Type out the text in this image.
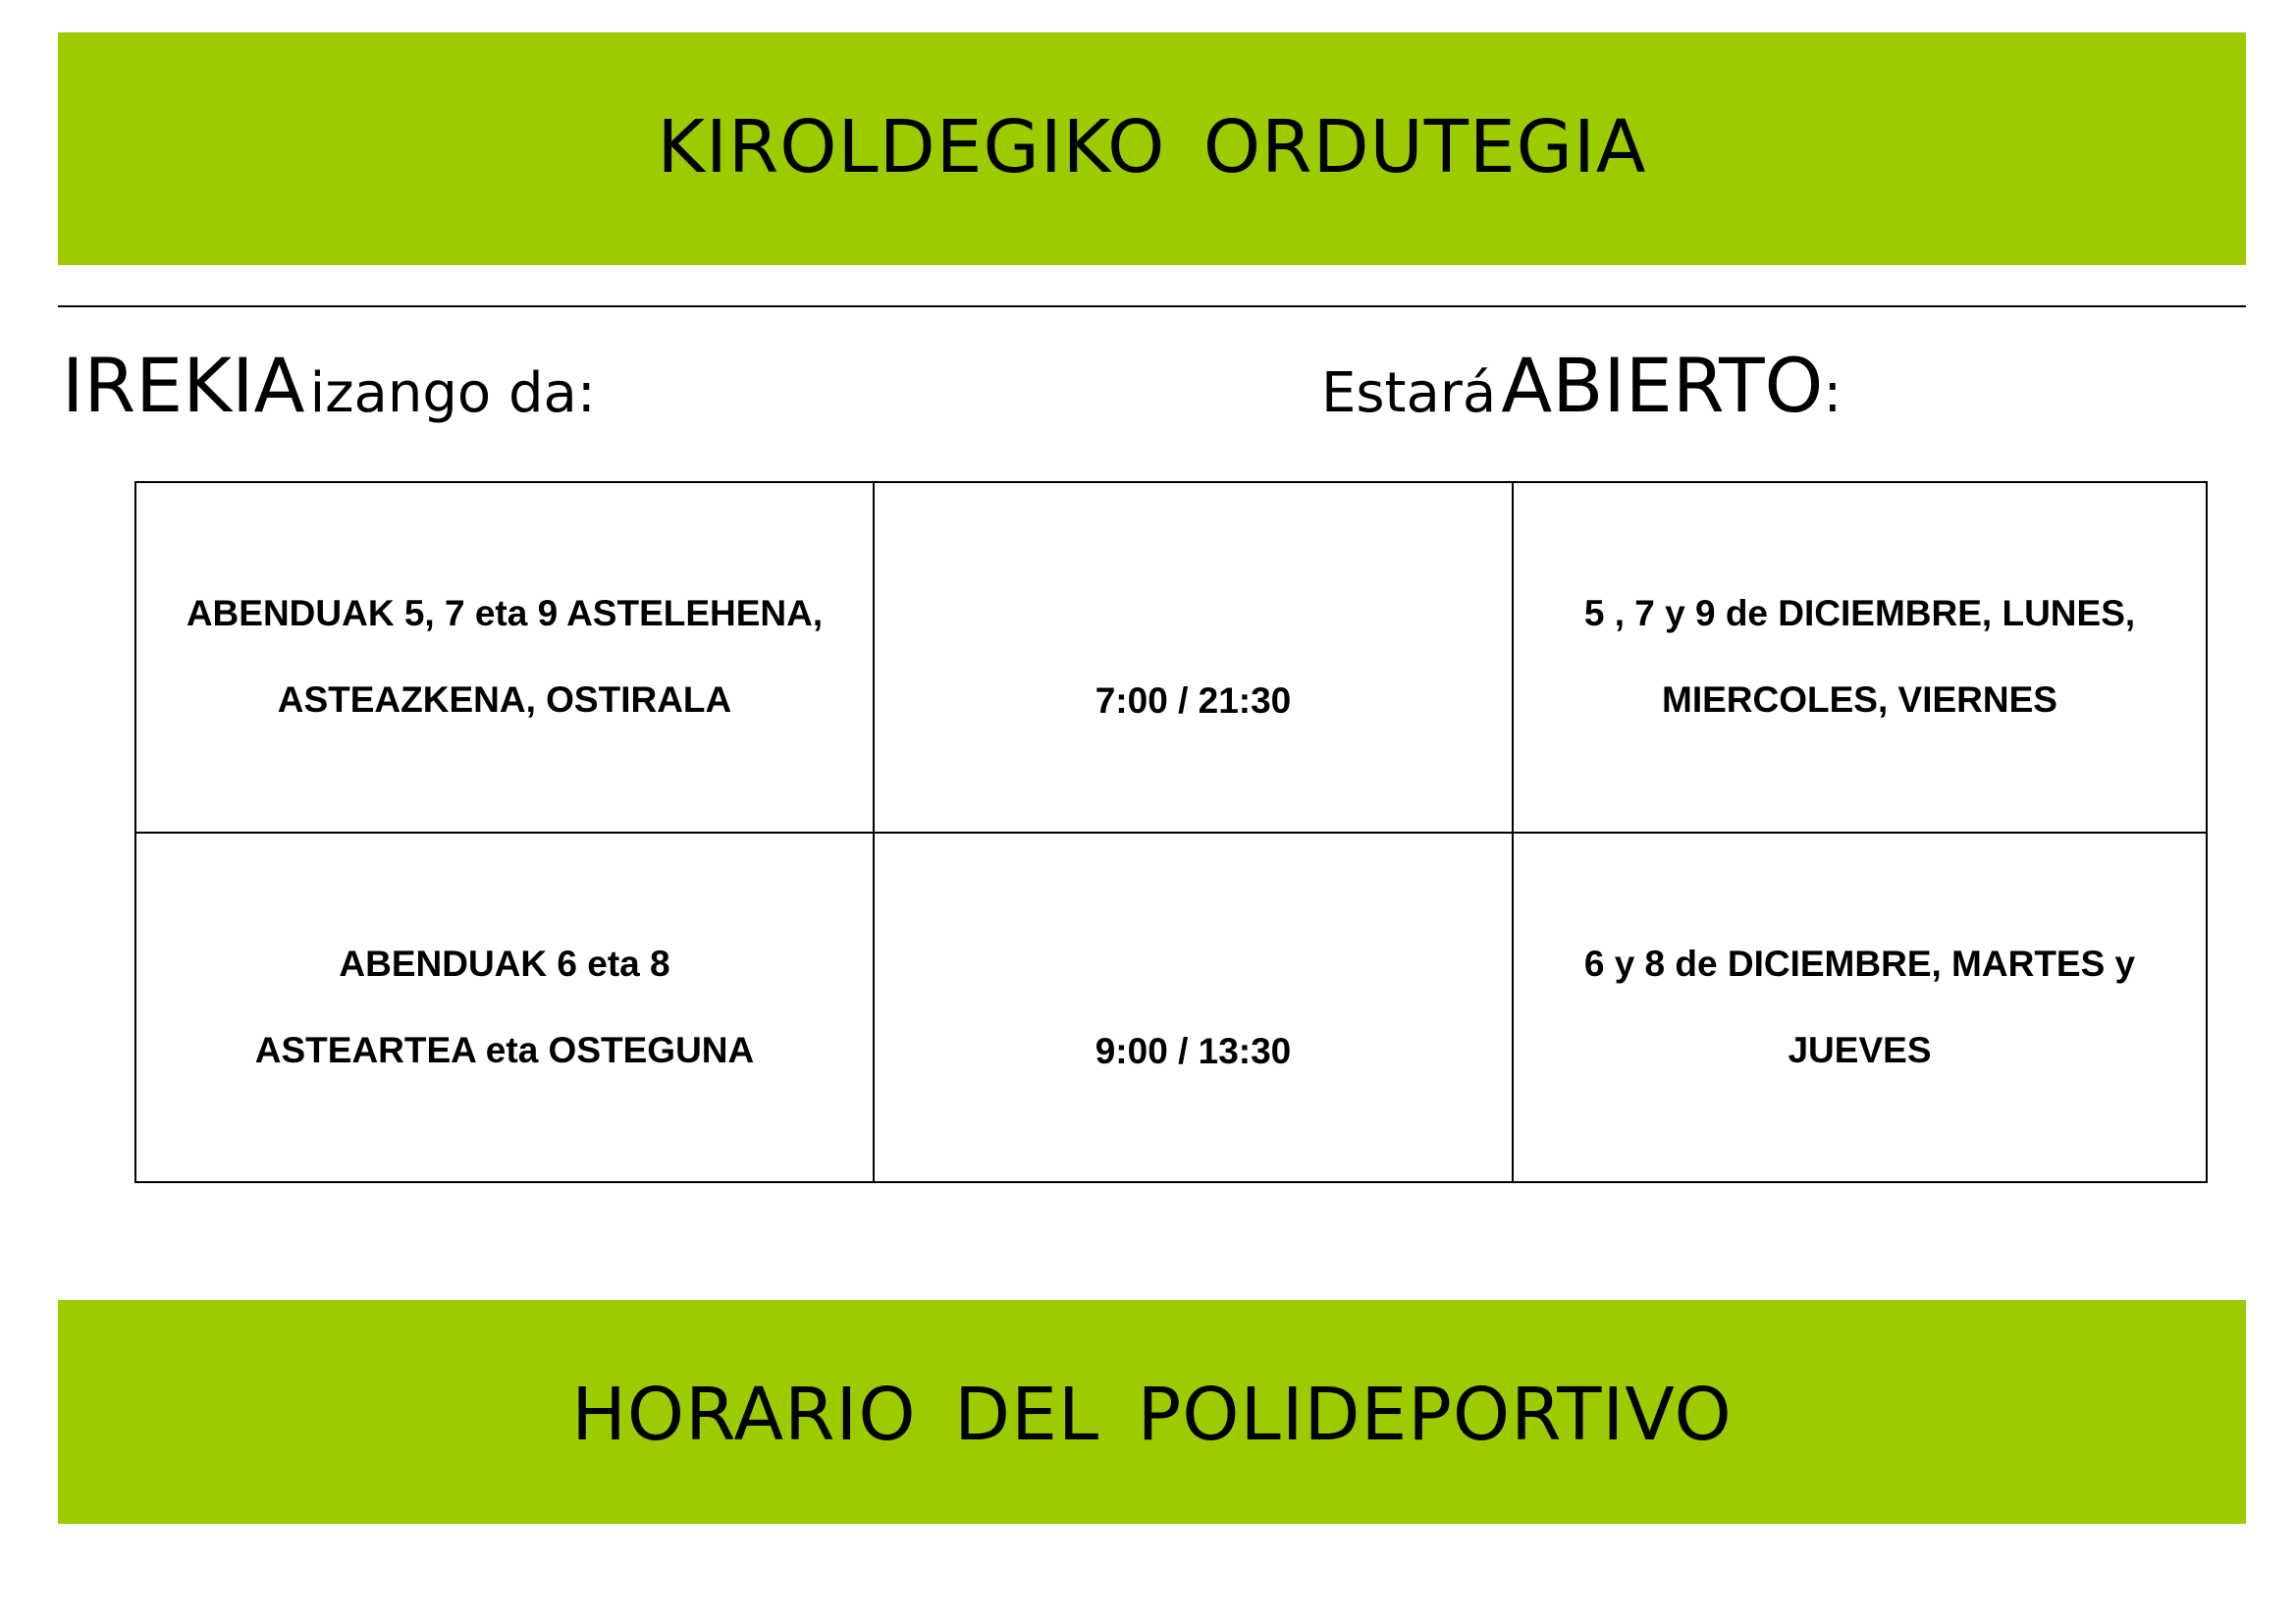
KIROLDEGIKO ORDUTEGIA
IREKIA izango da:	Estará ABIERTO:
ABENDUAK 5, 7 eta 9 ASTELEHENA,
ASTEAZKENA, OSTIRALA	7:00 / 21:30	5 , 7 y 9 de DICIEMBRE, LUNES,
MIERCOLES, VIERNES

ABENDUAK 6 eta 8
ASTEARTEA eta OSTEGUNA	9:00 / 13:30	6 y 8 de DICIEMBRE, MARTES y
JUEVES
HORARIO DEL POLIDEPORTIVO
